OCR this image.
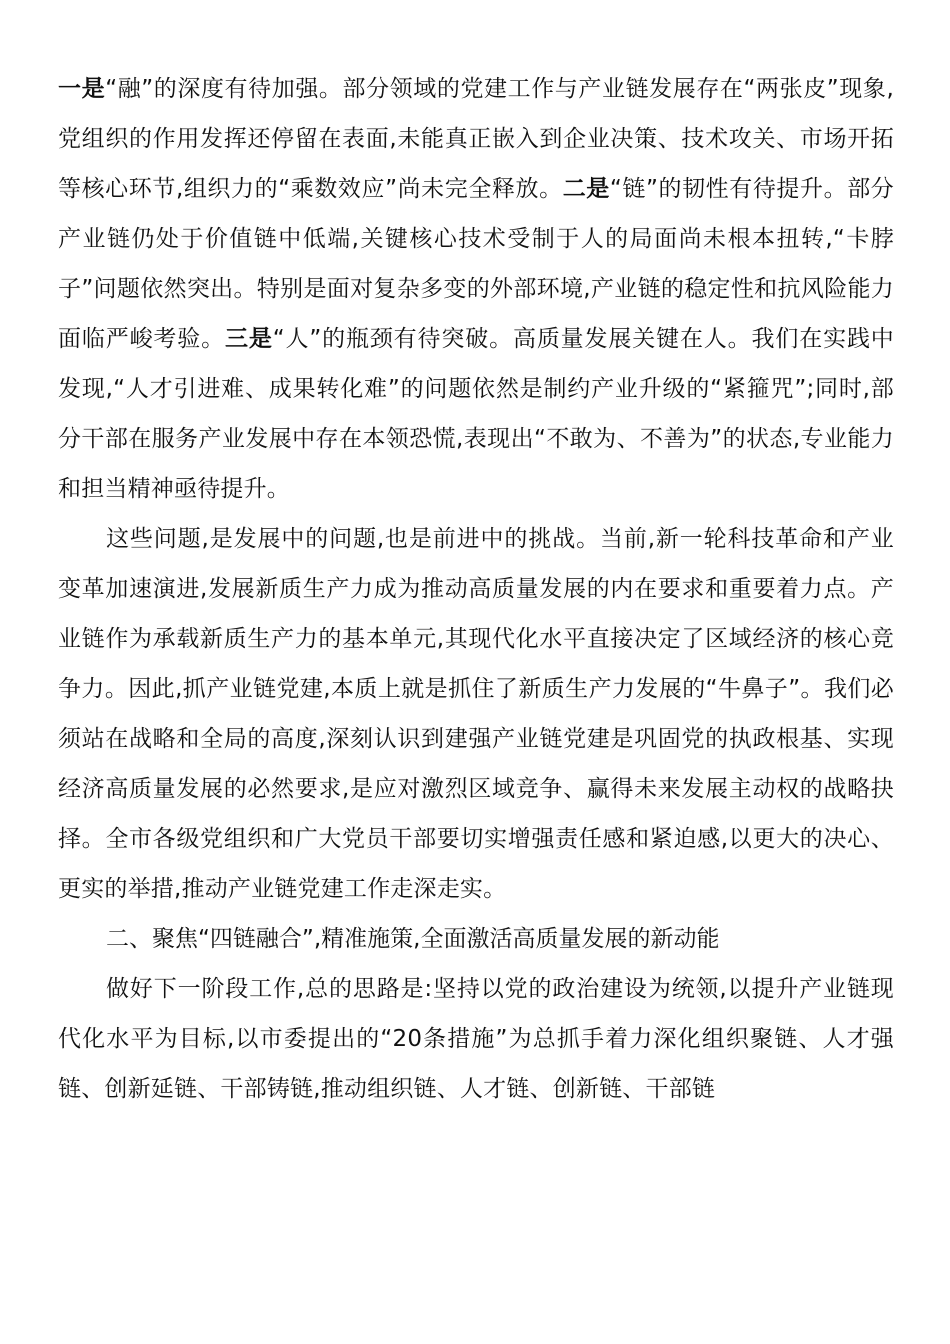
一是“融”的深度有待加强。部分领域的党建工作与产业链发展存在“两张皮”现象,党组织的作用发挥还停留在表面,未能真正嵌入到企业决策、技术攻关、市场开拓等核心环节,组织力的“乘数效应”尚未完全释放。二是“链”的韧性有待提升。部分产业链仍处于价值链中低端,关键核心技术受制于人的局面尚未根本扭转,“卡脖子”问题依然突出。特别是面对复杂多变的外部环境,产业链的稳定性和抗风险能力面临严峻考验。三是“人”的瓶颈有待突破。高质量发展关键在人。我们在实践中发现,“人才引进难、成果转化难”的问题依然是制约产业升级的“紧箍咒”;同时,部分干部在服务产业发展中存在本领恐慌,表现出“不敢为、不善为”的状态,专业能力和担当精神亟待提升。

这些问题,是发展中的问题,也是前进中的挑战。当前,新一轮科技革命和产业变革加速演进,发展新质生产力成为推动高质量发展的内在要求和重要着力点。产业链作为承载新质生产力的基本单元,其现代化水平直接决定了区域经济的核心竞争力。因此,抓产业链党建,本质上就是抓住了新质生产力发展的“牛鼻子”。我们必须站在战略和全局的高度,深刻认识到建强产业链党建是巩固党的执政根基、实现经济高质量发展的必然要求,是应对激烈区域竞争、赢得未来发展主动权的战略抉择。全市各级党组织和广大党员干部要切实增强责任感和紧迫感,以更大的决心、更实的举措,推动产业链党建工作走深走实。

二、聚焦“四链融合”,精准施策,全面激活高质量发展的新动能

做好下一阶段工作,总的思路是:坚持以党的政治建设为统领,以提升产业链现代化水平为目标,以市委提出的“20条措施”为总抓手着力深化组织聚链、人才强链、创新延链、干部铸链,推动组织链、人才链、创新链、干部链
